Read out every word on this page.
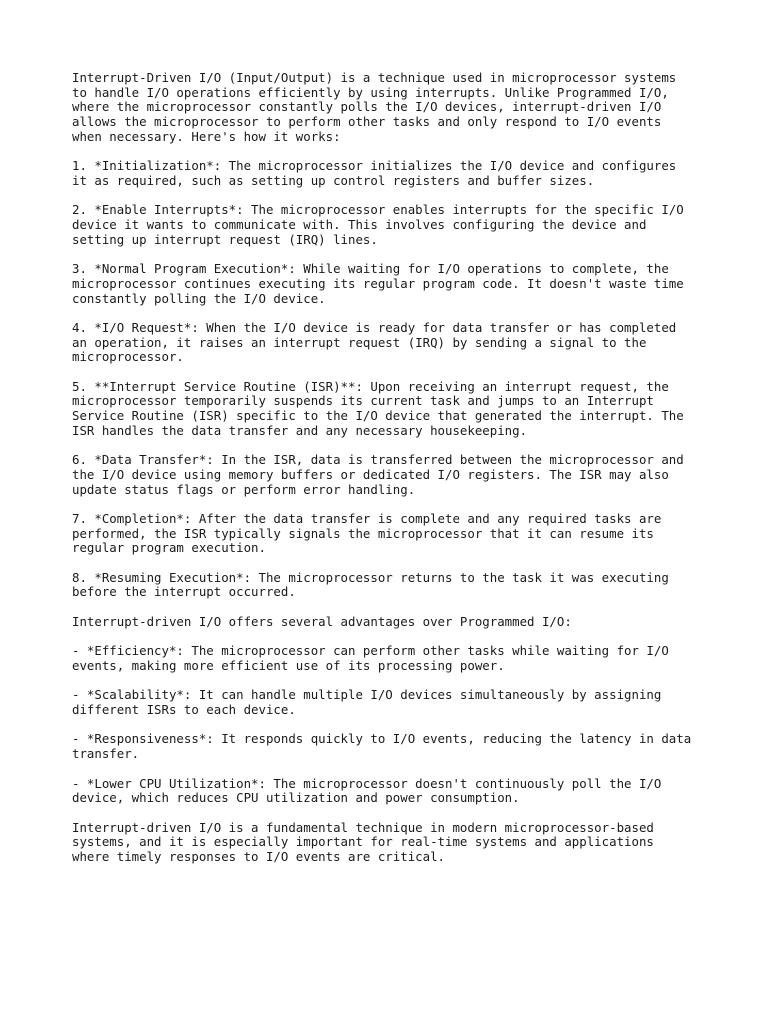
Interrupt-Driven I/O (Input/Output) is a technique used in microprocessor systems
to handle I/O operations efficiently by using interrupts. Unlike Programmed I/O,
where the microprocessor constantly polls the I/O devices, interrupt-driven I/O
allows the microprocessor to perform other tasks and only respond to I/O events
when necessary. Here's how it works:

1. *Initialization*: The microprocessor initializes the I/O device and configures
it as required, such as setting up control registers and buffer sizes.

2. *Enable Interrupts*: The microprocessor enables interrupts for the specific I/O
device it wants to communicate with. This involves configuring the device and
setting up interrupt request (IRQ) lines.

3. *Normal Program Execution*: While waiting for I/O operations to complete, the
microprocessor continues executing its regular program code. It doesn't waste time
constantly polling the I/O device.

4. *I/O Request*: When the I/O device is ready for data transfer or has completed
an operation, it raises an interrupt request (IRQ) by sending a signal to the
microprocessor.

5. **Interrupt Service Routine (ISR)**: Upon receiving an interrupt request, the
microprocessor temporarily suspends its current task and jumps to an Interrupt
Service Routine (ISR) specific to the I/O device that generated the interrupt. The
ISR handles the data transfer and any necessary housekeeping.

6. *Data Transfer*: In the ISR, data is transferred between the microprocessor and
the I/O device using memory buffers or dedicated I/O registers. The ISR may also
update status flags or perform error handling.

7. *Completion*: After the data transfer is complete and any required tasks are
performed, the ISR typically signals the microprocessor that it can resume its
regular program execution.

8. *Resuming Execution*: The microprocessor returns to the task it was executing
before the interrupt occurred.

Interrupt-driven I/O offers several advantages over Programmed I/O:

- *Efficiency*: The microprocessor can perform other tasks while waiting for I/O
events, making more efficient use of its processing power.

- *Scalability*: It can handle multiple I/O devices simultaneously by assigning
different ISRs to each device.

- *Responsiveness*: It responds quickly to I/O events, reducing the latency in data
transfer.

- *Lower CPU Utilization*: The microprocessor doesn't continuously poll the I/O
device, which reduces CPU utilization and power consumption.

Interrupt-driven I/O is a fundamental technique in modern microprocessor-based
systems, and it is especially important for real-time systems and applications
where timely responses to I/O events are critical.
